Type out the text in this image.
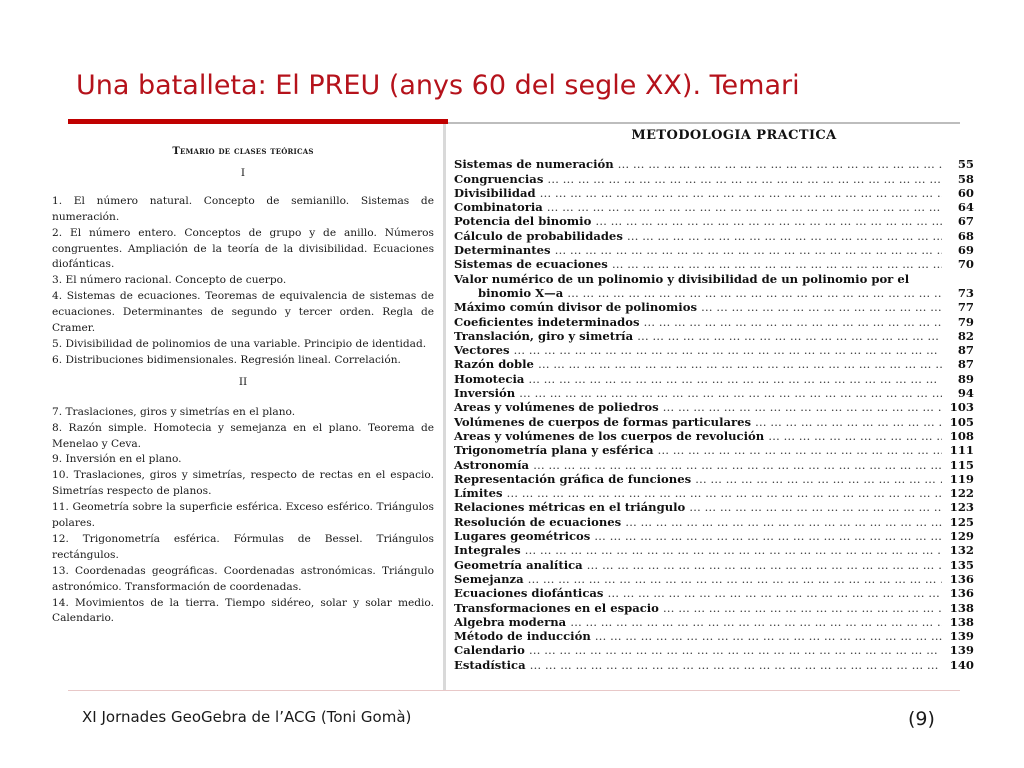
Una batalleta: El PREU (anys 60 del segle XX). Temari
Temario de clases teóricas
I

1. El número natural. Concepto de semianillo. Sistemas de numeración.

2. El número entero. Conceptos de grupo y de anillo. Números congruentes. Ampliación de la teoría de la divisibilidad. Ecuaciones diofánticas.

3. El número racional. Concepto de cuerpo.

4. Sistemas de ecuaciones. Teoremas de equivalencia de sistemas de ecuaciones. Determinantes de segundo y tercer orden. Regla de Cramer.

5. Divisibilidad de polinomios de una variable. Principio de identidad.

6. Distribuciones bidimensionales. Regresión lineal. Correlación.

II

7. Traslaciones, giros y simetrías en el plano.

8. Razón simple. Homotecia y semejanza en el plano. Teorema de Menelao y Ceva.

9. Inversión en el plano.

10. Traslaciones, giros y simetrías, respecto de rectas en el espacio. Simetrías respecto de planos.

11. Geometría sobre la superficie esférica. Exceso esférico. Triángulos polares.

12. Trigonometría esférica. Fórmulas de Bessel. Triángulos rectángulos.

13. Coordenadas geográficas. Coordenadas astronómicas. Triángulo astronómico. Transformación de coordenadas.

14. Movimientos de la tierra. Tiempo sidéreo, solar y solar medio. Calendario.

METODOLOGIA PRACTICA
Sistemas de numeración … … … … … … … … … … … … … … … … … … … … … … … … … … … … … … … …	55
Congruencias … … … … … … … … … … … … … … … … … … … … … … … … … … … … … … … …	58
Divisibilidad … … … … … … … … … … … … … … … … … … … … … … … … … … … … … … … …	60
Combinatoria … … … … … … … … … … … … … … … … … … … … … … … … … … … … … … … …	64
Potencia del binomio … … … … … … … … … … … … … … … … … … … … … … … … … … … … … … … …	67
Cálculo de probabilidades … … … … … … … … … … … … … … … … … … … … … … … … … … … … … … … …	68
Determinantes … … … … … … … … … … … … … … … … … … … … … … … … … … … … … … … …	69
Sistemas de ecuaciones … … … … … … … … … … … … … … … … … … … … … … … … … … … … … … … …	70
Valor numérico de un polinomio y divisibilidad de un polinomio por el
binomio X—a … … … … … … … … … … … … … … … … … … … … … … … … … … … … … … … …	73
Máximo común divisor de polinomios … … … … … … … … … … … … … … … … … … … … … … … … … … … … … … … …	77
Coeficientes indeterminados … … … … … … … … … … … … … … … … … … … … … … … … … … … … … … … …	79
Translación, giro y simetría … … … … … … … … … … … … … … … … … … … … … … … … … … … … … … … …	82
Vectores … … … … … … … … … … … … … … … … … … … … … … … … … … … … … … … …	87
Razón doble … … … … … … … … … … … … … … … … … … … … … … … … … … … … … … … …	87
Homotecia … … … … … … … … … … … … … … … … … … … … … … … … … … … … … … … …	89
Inversión … … … … … … … … … … … … … … … … … … … … … … … … … … … … … … … …	94
Areas y volúmenes de poliedros … … … … … … … … … … … … … … … … … … … … … … … … … … … … … … … …	103
Volúmenes de cuerpos de formas particulares … … … … … … … … … … … … … … … … … … … … … … … … … … … … … … … …	105
Areas y volúmenes de los cuerpos de revolución … … … … … … … … … … … … … … … … … … … … … … … … … … … … … … … …	108
Trigonometría plana y esférica … … … … … … … … … … … … … … … … … … … … … … … … … … … … … … … …	111
Astronomía … … … … … … … … … … … … … … … … … … … … … … … … … … … … … … … …	115
Representación gráfica de funciones … … … … … … … … … … … … … … … … … … … … … … … … … … … … … … … …	119
Límites … … … … … … … … … … … … … … … … … … … … … … … … … … … … … … … …	122
Relaciones métricas en el triángulo … … … … … … … … … … … … … … … … … … … … … … … … … … … … … … … …	123
Resolución de ecuaciones … … … … … … … … … … … … … … … … … … … … … … … … … … … … … … … …	125
Lugares geométricos … … … … … … … … … … … … … … … … … … … … … … … … … … … … … … … …	129
Integrales … … … … … … … … … … … … … … … … … … … … … … … … … … … … … … … …	132
Geometría analítica … … … … … … … … … … … … … … … … … … … … … … … … … … … … … … … …	135
Semejanza … … … … … … … … … … … … … … … … … … … … … … … … … … … … … … … …	136
Ecuaciones diofánticas … … … … … … … … … … … … … … … … … … … … … … … … … … … … … … … …	136
Transformaciones en el espacio … … … … … … … … … … … … … … … … … … … … … … … … … … … … … … … …	138
Algebra moderna … … … … … … … … … … … … … … … … … … … … … … … … … … … … … … … …	138
Método de inducción … … … … … … … … … … … … … … … … … … … … … … … … … … … … … … … …	139
Calendario … … … … … … … … … … … … … … … … … … … … … … … … … … … … … … … …	139
Estadística … … … … … … … … … … … … … … … … … … … … … … … … … … … … … … … …	140
XI Jornades GeoGebra de l’ACG (Toni Gomà)	(9)
